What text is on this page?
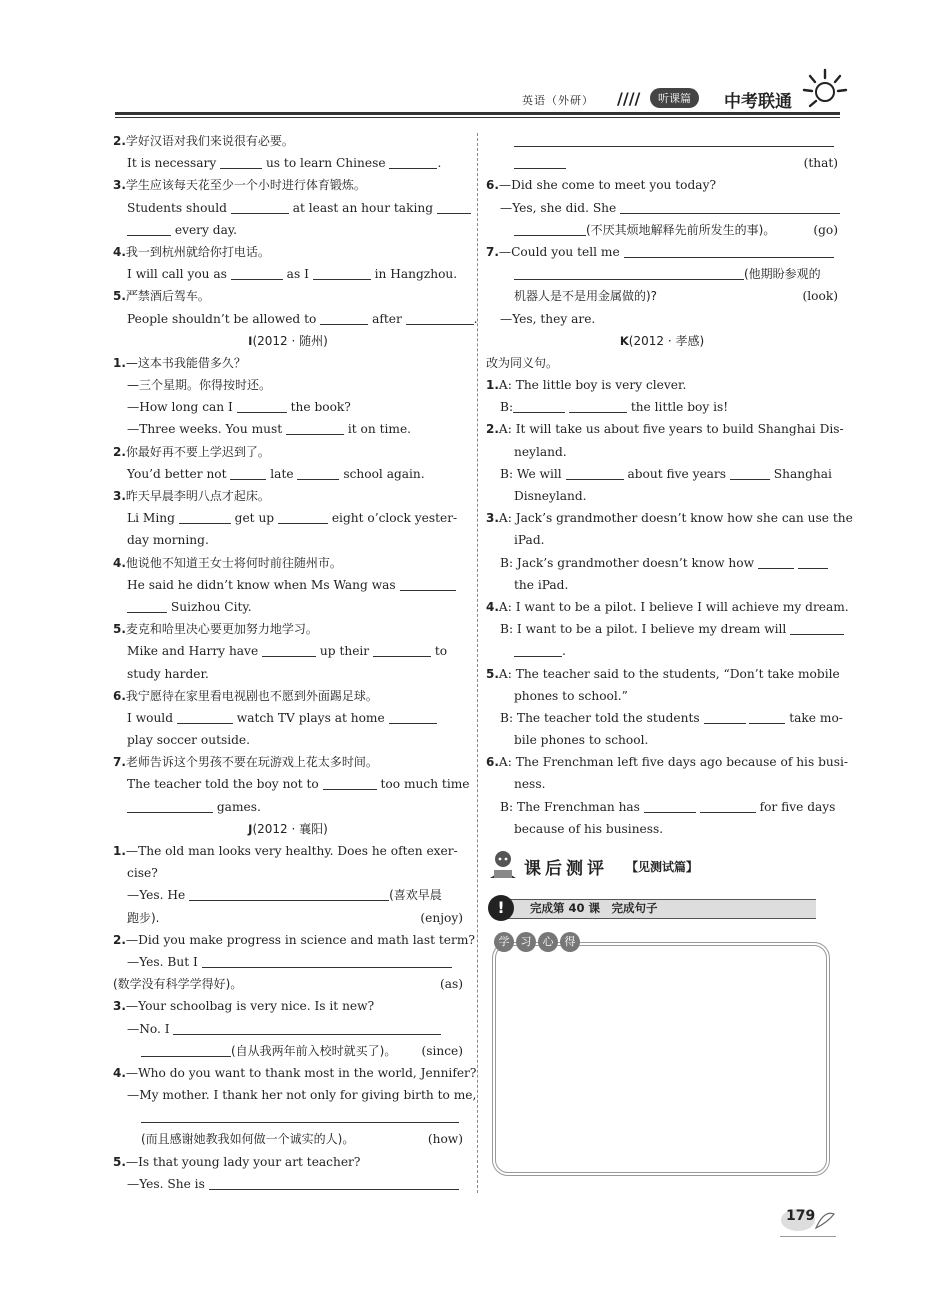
英语（外研） ////	听课篇	中考联通
2.学好汉语对我们来说很有必要。
It is necessary	us to learn Chinese	.
3.学生应该每天花至少一个小时进行体育锻炼。
Students should	at least an hour taking
every day.
4.我一到杭州就给你打电话。
I will call you as	as I	in Hangzhou.
5.严禁酒后驾车。
People shouldn’t be allowed to	after	.
I(2012 · 随州)
1.—这本书我能借多久？
—三个星期。你得按时还。
—How long can I	the book?
—Three weeks. You must	it on time.
2.你最好再不要上学迟到了。
You’d better not	late	school again.
3.昨天早晨李明八点才起床。
Li Ming	get up	eight o’clock yester-
day morning.
4.他说他不知道王女士将何时前往随州市。
He said he didn’t know when Ms Wang was
Suizhou City.
5.麦克和哈里决心要更加努力地学习。
Mike and Harry have	up their	to
study harder.
6.我宁愿待在家里看电视剧也不愿到外面踢足球。
I would	watch TV plays at home
play soccer outside.
7.老师告诉这个男孩不要在玩游戏上花太多时间。
The teacher told the boy not to	too much time
games.
J(2012 · 襄阳)
1.—The old man looks very healthy. Does he often exer-
cise?
—Yes. He	(喜欢早晨
跑步).	(enjoy)
2.—Did you make progress in science and math last term?
—Yes. But I
(数学没有科学学得好)。	(as)
3.—Your schoolbag is very nice. Is it new?
—No. I
(自从我两年前入校时就买了)。 (since)
4.—Who do you want to thank most in the world, Jennifer?
—My mother. I thank her not only for giving birth to me,
(而且感谢她教我如何做一个诚实的人)。	(how)
5.—Is that young lady your art teacher?
—Yes. She is
(that)
6.—Did she come to meet you today?
—Yes, she did. She
(不厌其烦地解释先前所发生的事)。	(go)
7.—Could you tell me
(他期盼参观的
机器人是不是用金属做的)?	(look)
—Yes, they are.
K(2012 · 孝感)
改为同义句。
1.A: The little boy is very clever.
B:	the little boy is!
2.A: It will take us about five years to build Shanghai Dis-
neyland.
B: We will	about five years	Shanghai
Disneyland.
3.A: Jack’s grandmother doesn’t know how she can use the
iPad.
B: Jack’s grandmother doesn’t know how
the iPad.
4.A: I want to be a pilot. I believe I will achieve my dream.
B: I want to be a pilot. I believe my dream will
.
5.A: The teacher said to the students, “Don’t take mobile
phones to school.”
B: The teacher told the students	take mo-
bile phones to school.
6.A: The Frenchman left five days ago because of his busi-
ness.
B: The Frenchman has	for five days
because of his business.
课后测评 【见测试篇】
!	完成第 40 课　完成句子
学	习	心	得
179
